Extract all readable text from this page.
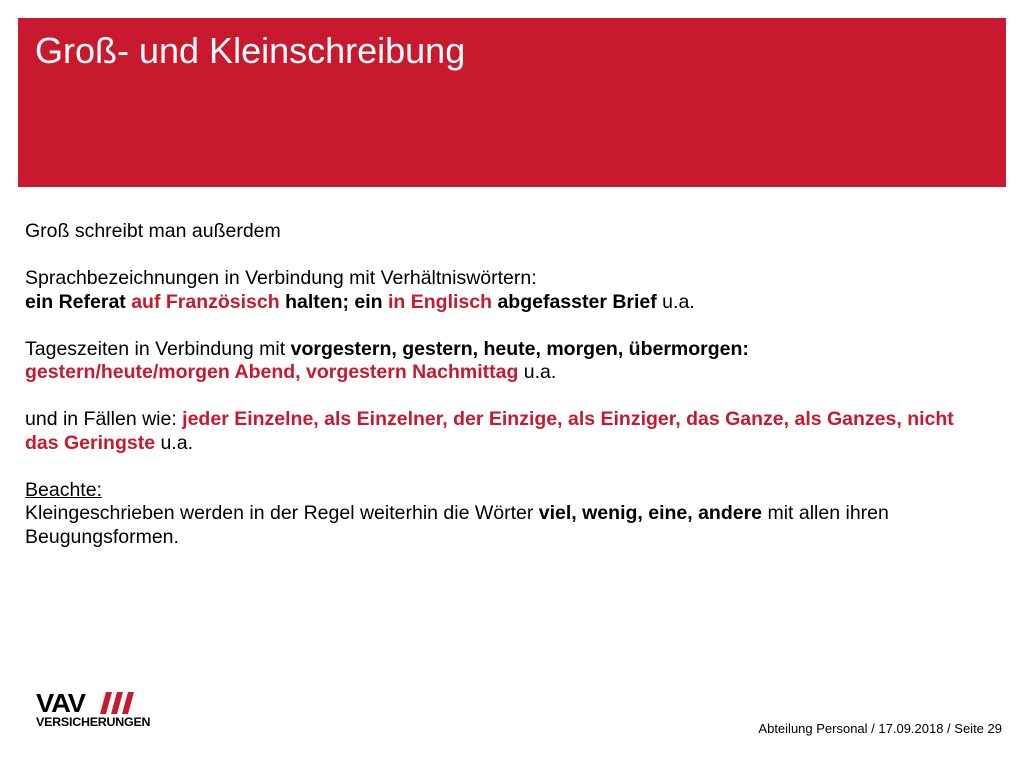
Groß- und Kleinschreibung

Groß schreibt man außerdem

Sprachbezeichnungen in Verbindung mit Verhältniswörtern:

ein Referat auf Französisch halten; ein in Englisch abgefasster Brief u.a.

Tageszeiten in Verbindung mit vorgestern, gestern, heute, morgen, übermorgen:

gestern/heute/morgen Abend, vorgestern Nachmittag u.a.

und in Fällen wie: jeder Einzelne, als Einzelner, der Einzige, als Einziger, das Ganze, als Ganzes, nicht das Geringste u.a.

Beachte:

Kleingeschrieben werden in der Regel weiterhin die Wörter viel, wenig, eine, andere mit allen ihren Beugungsformen.

VAV
VERSICHERUNGEN	Abteilung Personal / 17.09.2018 / Seite 29
